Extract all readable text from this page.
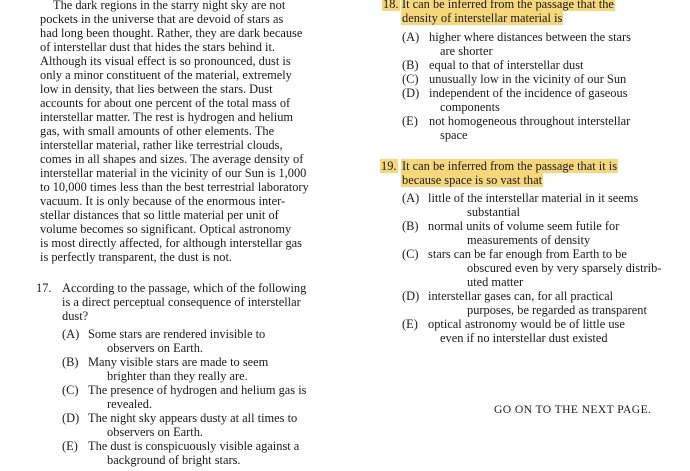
The dark regions in the starry night sky are not
pockets in the universe that are devoid of stars as
had long been thought. Rather, they are dark because
of interstellar dust that hides the stars behind it.
Although its visual effect is so pronounced, dust is
only a minor constituent of the material, extremely
low in density, that lies between the stars. Dust
accounts for about one percent of the total mass of
interstellar matter. The rest is hydrogen and helium
gas, with small amounts of other elements. The
interstellar material, rather like terrestrial clouds,
comes in all shapes and sizes. The average density of
interstellar material in the vicinity of our Sun is 1,000
to 10,000 times less than the best terrestrial laboratory
vacuum. It is only because of the enormous inter-
stellar distances that so little material per unit of
volume becomes so significant. Optical astronomy
is most directly affected, for although interstellar gas
is perfectly transparent, the dust is not.
17. According to the passage, which of the following
is a direct perceptual consequence of interstellar
dust?
(A) Some stars are rendered invisible to
observers on Earth.
(B) Many visible stars are made to seem
brighter than they really are.
(C) The presence of hydrogen and helium gas is
revealed.
(D) The night sky appears dusty at all times to
observers on Earth.
(E) The dust is conspicuously visible against a
background of bright stars.
18. It can be inferred from the passage that the
density of interstellar material is
(A) higher where distances between the stars
are shorter
(B) equal to that of interstellar dust
(C) unusually low in the vicinity of our Sun
(D) independent of the incidence of gaseous
components
(E) not homogeneous throughout interstellar
space
19. It can be inferred from the passage that it is
because space is so vast that
(A) little of the interstellar material in it seems
substantial
(B) normal units of volume seem futile for
measurements of density
(C) stars can be far enough from Earth to be
obscured even by very sparsely distrib-
uted matter
(D) interstellar gases can, for all practical
purposes, be regarded as transparent
(E) optical astronomy would be of little use
even if no interstellar dust existed
GO ON TO THE NEXT PAGE.
